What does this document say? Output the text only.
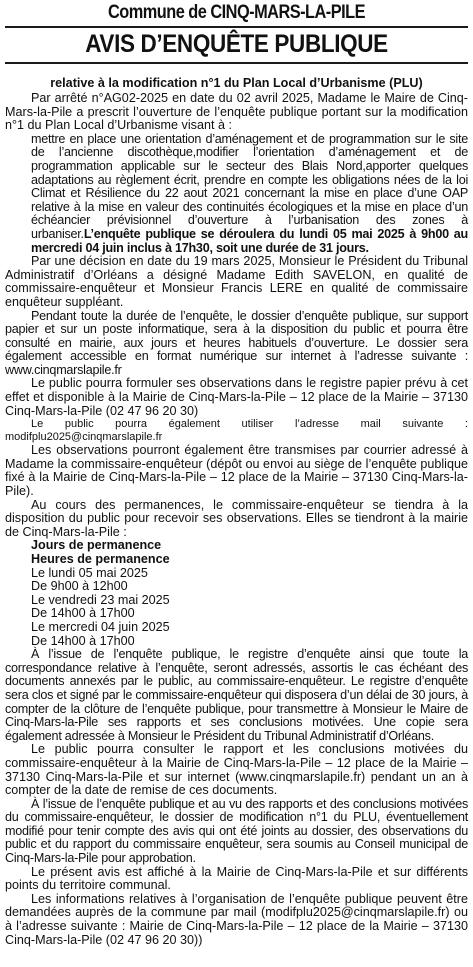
Commune de CINQ-MARS-LA-PILE
AVIS D’ENQUÊTE PUBLIQUE
relative à la modification n°1 du Plan Local d’Urbanisme (PLU)

Par arrêté n°AG02-2025 en date du 02 avril 2025, Madame le Maire de Cinq-Mars-la-Pile a prescrit l’ouverture de l’enquête publique portant sur la modification n°1 du Plan Local d’Urbanisme visant à :

mettre en place une orientation d’aménagement et de programmation sur le site de l’ancienne discothèque,modifier l’orientation d’aménagement et de programmation applicable sur le secteur des Blais Nord,apporter quelques adaptations au règlement écrit, prendre en compte les obligations nées de la loi Climat et Résilience du 22 aout 2021 concernant la mise en place d’une OAP relative à la mise en valeur des continuités écologiques et la mise en place d’un échéancier prévisionnel d’ouverture à l’urbanisation des zones à urbaniser.L’enquête publique se déroulera du lundi 05 mai 2025 à 9h00 au mercredi 04 juin inclus à 17h30, soit une durée de 31 jours.

Par une décision en date du 19 mars 2025, Monsieur le Président du Tribunal Administratif d’Orléans a désigné Madame Edith SAVELON, en qualité de commissaire-enquêteur et Monsieur Francis LERE en qualité de commissaire enquêteur suppléant.

Pendant toute la durée de l’enquête, le dossier d’enquête publique, sur support papier et sur un poste informatique, sera à la disposition du public et pourra être consulté en mairie, aux jours et heures habituels d’ouverture. Le dossier sera également accessible en format numérique sur internet à l’adresse suivante : www.cinqmarslapile.fr

Le public pourra formuler ses observations dans le registre papier prévu à cet effet et disponible à la Mairie de Cinq-Mars-la-Pile – 12 place de la Mairie – 37130 Cinq-Mars-la-Pile (02 47 96 20 30)

Le public pourra également utiliser l’adresse mail suivante : modifplu2025@cinqmarslapile.fr

Les observations pourront également être transmises par courrier adressé à Madame la commissaire-enquêteur (dépôt ou envoi au siège de l’enquête publique fixé à la Mairie de Cinq-Mars-la-Pile – 12 place de la Mairie – 37130 Cinq-Mars-la-Pile).

Au cours des permanences, le commissaire-enquêteur se tiendra à la disposition du public pour recevoir ses observations. Elles se tiendront à la mairie de Cinq-Mars-la-Pile :

Jours de permanence
Heures de permanence
Le lundi 05 mai 2025
De 9h00 à 12h00
Le vendredi 23 mai 2025
De 14h00 à 17h00
Le mercredi 04 juin 2025
De 14h00 à 17h00

À l’issue de l’enquête publique, le registre d’enquête ainsi que toute la correspondance relative à l’enquête, seront adressés, assortis le cas échéant des documents annexés par le public, au commissaire-enquêteur. Le registre d’enquête sera clos et signé par le commissaire-enquêteur qui disposera d’un délai de 30 jours, à compter de la clôture de l’enquête publique, pour transmettre à Monsieur le Maire de Cinq-Mars-la-Pile ses rapports et ses conclusions motivées. Une copie sera également adressée à Monsieur le Président du Tribunal Administratif d’Orléans.

Le public pourra consulter le rapport et les conclusions motivées du commissaire-enquêteur à la Mairie de Cinq-Mars-la-Pile – 12 place de la Mairie – 37130 Cinq-Mars-la-Pile et sur internet (www.cinqmarslapile.fr) pendant un an à compter de la date de remise de ces documents.

À l’issue de l’enquête publique et au vu des rapports et des conclusions motivées du commissaire-enquêteur, le dossier de modification n°1 du PLU, éventuellement modifié pour tenir compte des avis qui ont été joints au dossier, des observations du public et du rapport du commissaire enquêteur, sera soumis au Conseil municipal de Cinq-Mars-la-Pile pour approbation.

Le présent avis est affiché à la Mairie de Cinq-Mars-la-Pile et sur différents points du territoire communal.

Les informations relatives à l’organisation de l’enquête publique peuvent être demandées auprès de la commune par mail (modifplu2025@cinqmarslapile.fr) ou à l’adresse suivante : Mairie de Cinq-Mars-la-Pile – 12 place de la Mairie – 37130 Cinq-Mars-la-Pile (02 47 96 20 30))
